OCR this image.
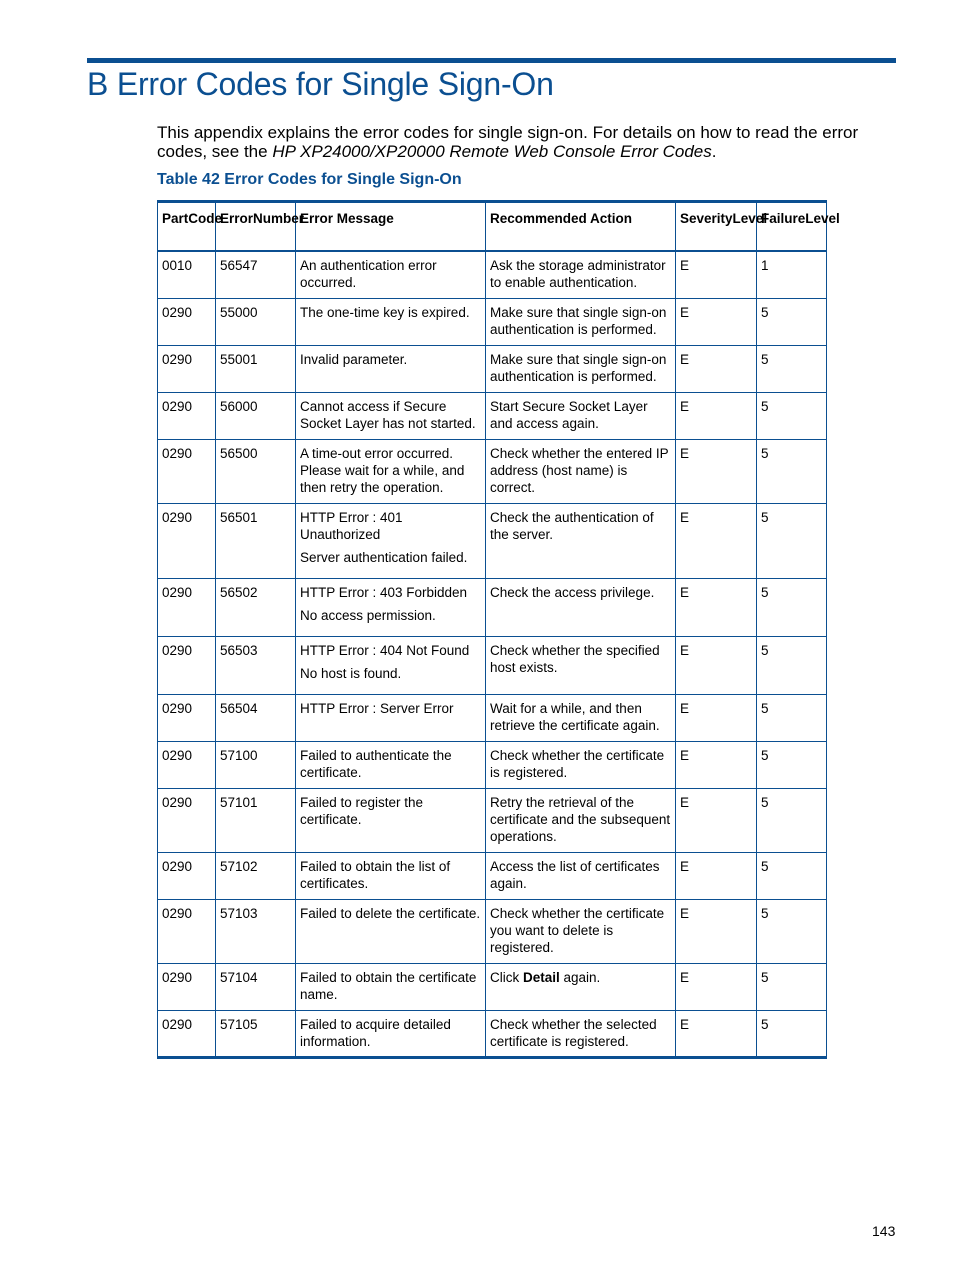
B Error Codes for Single Sign-On

This appendix explains the error codes for single sign-on. For details on how to read the error codes, see the HP XP24000/XP20000 Remote Web Console Error Codes.

Table 42 Error Codes for Single Sign-On

PartCode	ErrorNumber	Error Message	Recommended Action	SeverityLevel	FailureLevel
0010	56547	An authentication error occurred.	Ask the storage administrator to enable authentication.	E	1
0290	55000	The one-time key is expired.	Make sure that single sign-on authentication is performed.	E	5
0290	55001	Invalid parameter.	Make sure that single sign-on authentication is performed.	E	5
0290	56000	Cannot access if Secure Socket Layer has not started.	Start Secure Socket Layer and access again.	E	5
0290	56500	A time-out error occurred. Please wait for a while, and then retry the operation.	Check whether the entered IP address (host name) is correct.	E	5
0290	56501	HTTP Error : 401 Unauthorized
Server authentication failed.	Check the authentication of the server.	E	5
0290	56502	HTTP Error : 403 Forbidden
No access permission.	Check the access privilege.	E	5
0290	56503	HTTP Error : 404 Not Found
No host is found.	Check whether the specified host exists.	E	5
0290	56504	HTTP Error : Server Error	Wait for a while, and then retrieve the certificate again.	E	5
0290	57100	Failed to authenticate the certificate.	Check whether the certificate is registered.	E	5
0290	57101	Failed to register the certificate.	Retry the retrieval of the certificate and the subsequent operations.	E	5
0290	57102	Failed to obtain the list of certificates.	Access the list of certificates again.	E	5
0290	57103	Failed to delete the certificate.	Check whether the certificate you want to delete is registered.	E	5
0290	57104	Failed to obtain the certificate name.	Click Detail again.	E	5
0290	57105	Failed to acquire detailed information.	Check whether the selected certificate is registered.	E	5
143
